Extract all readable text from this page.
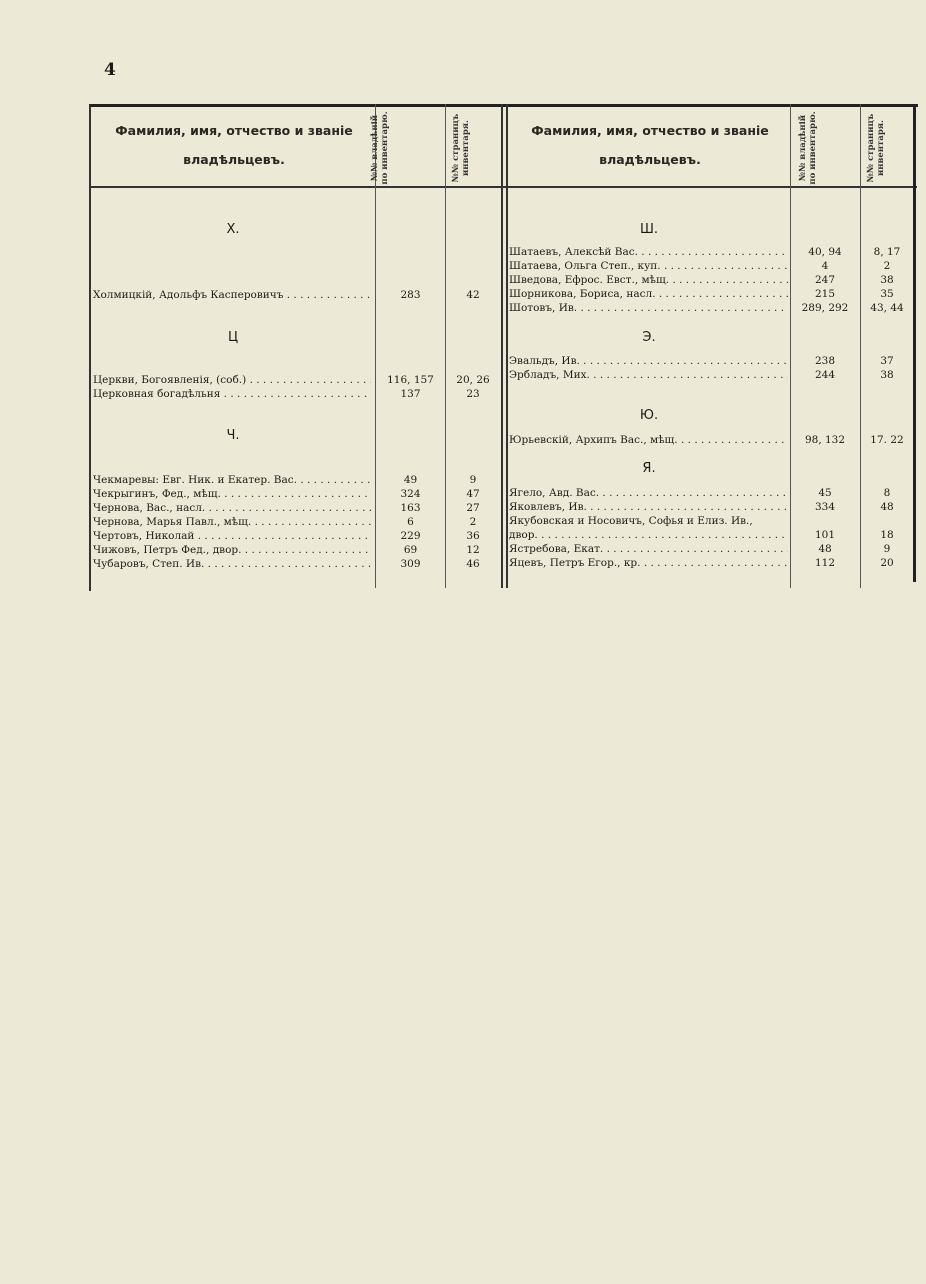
4
Фамилия, имя, отчество и званіе владѣльцевъ.
Фамилия, имя, отчество и званіе владѣльцевъ.
№№ владѣній по инвентарю.	№№ страницъ инвентаря.	№№ владѣній по инвентарю.	№№ страницъ инвентаря.
Х.
Холмицкій, Адольфъ Касперовичъ . . .	283	42
Ц
Церкви, Богоявленія, (соб.) . . .	116, 157	20, 26
Церковная богадѣльня . . .	137	23
Ч.
Чекмаревы: Евг. Ник. и Екатер. Вас. . . .	49	9
Чекрыгинъ, Фед., мѣщ. . . .	324	47
Чернова, Вас., насл. . . .	163	27
Чернова, Марья Павл., мѣщ. . . .	6	2
Чертовъ, Николай . . .	229	36
Чижовъ, Петръ Фед., двор. . . .	69	12
Чубаровъ, Степ. Ив. . . .	309	46
Ш.
Шатаевъ, Алексѣй Вас. . . .	40, 94	8, 17
Шатаева, Ольга Степ., куп. . . .	4	2
Шведова, Ефрос. Евст., мѣщ. . . .	247	38
Шорникова, Бориса, насл. . . .	215	35
Шотовъ, Ив. . . .	289, 292	43, 44
Э.
Эвальдъ, Ив. . . .	238	37
Эрбладъ, Мих. . . .	244	38
Ю.
Юрьевскій, Архипъ Вас., мѣщ. . . .	98, 132	17. 22
Я.
Ягело, Авд. Вас. . . .	45	8
Яковлевъ, Ив. . . .	334	48
Якубовская и Носовичъ, Софья и Елиз. Ив.,
двор. . . .	101	18
Ястребова, Екат. . . .	48	9
Яцевъ, Петръ Егор., кр. . . .	112	20
